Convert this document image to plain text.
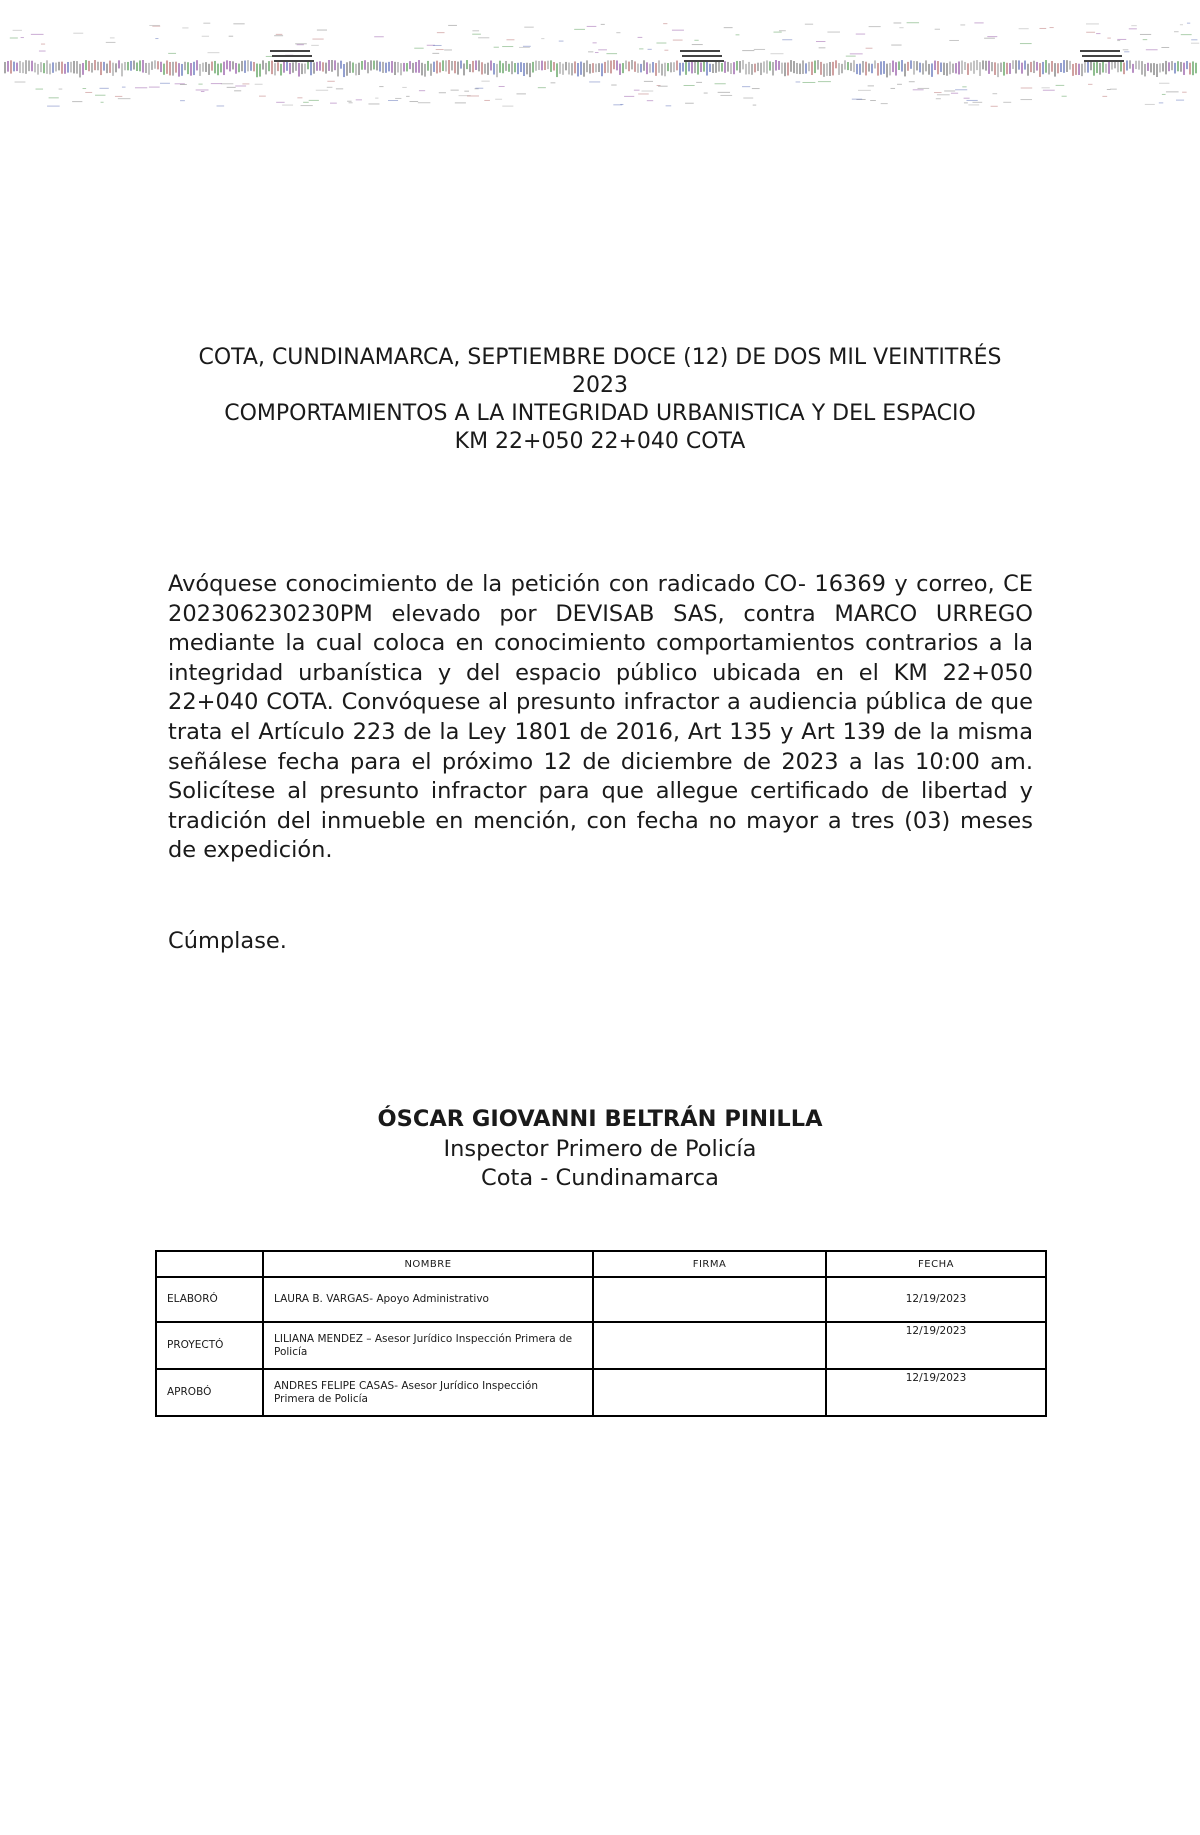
COTA, CUNDINAMARCA, SEPTIEMBRE DOCE (12) DE DOS MIL VEINTITRÉS
2023
COMPORTAMIENTOS A LA INTEGRIDAD URBANISTICA Y DEL ESPACIO
KM 22+050 22+040 COTA

Avóquese conocimiento de la petición con radicado CO- 16369 y correo, CE 202306230230PM elevado por DEVISAB SAS, contra MARCO URREGO mediante la cual coloca en conocimiento comportamientos contrarios a la integridad urbanística y del espacio público ubicada en el KM 22+050 22+040 COTA. Convóquese al presunto infractor a audiencia pública de que trata el Artículo 223 de la Ley 1801 de 2016, Art 135 y Art 139 de la misma señálese fecha para el próximo 12 de diciembre de 2023 a las 10:00 am. Solicítese al presunto infractor para que allegue certificado de libertad y tradición del inmueble en mención, con fecha no mayor a tres (03) meses de expedición.

Cúmplase.

ÓSCAR GIOVANNI BELTRÁN PINILLA
Inspector Primero de Policía
Cota - Cundinamarca
	NOMBRE	FIRMA	FECHA
ELABORÓ	LAURA B. VARGAS- Apoyo Administrativo		12/19/2023
PROYECTÓ	LILIANA MENDEZ – Asesor Jurídico Inspección Primera de Policía		12/19/2023
APROBÓ	ANDRES FELIPE CASAS- Asesor Jurídico Inspección Primera de Policía		12/19/2023
